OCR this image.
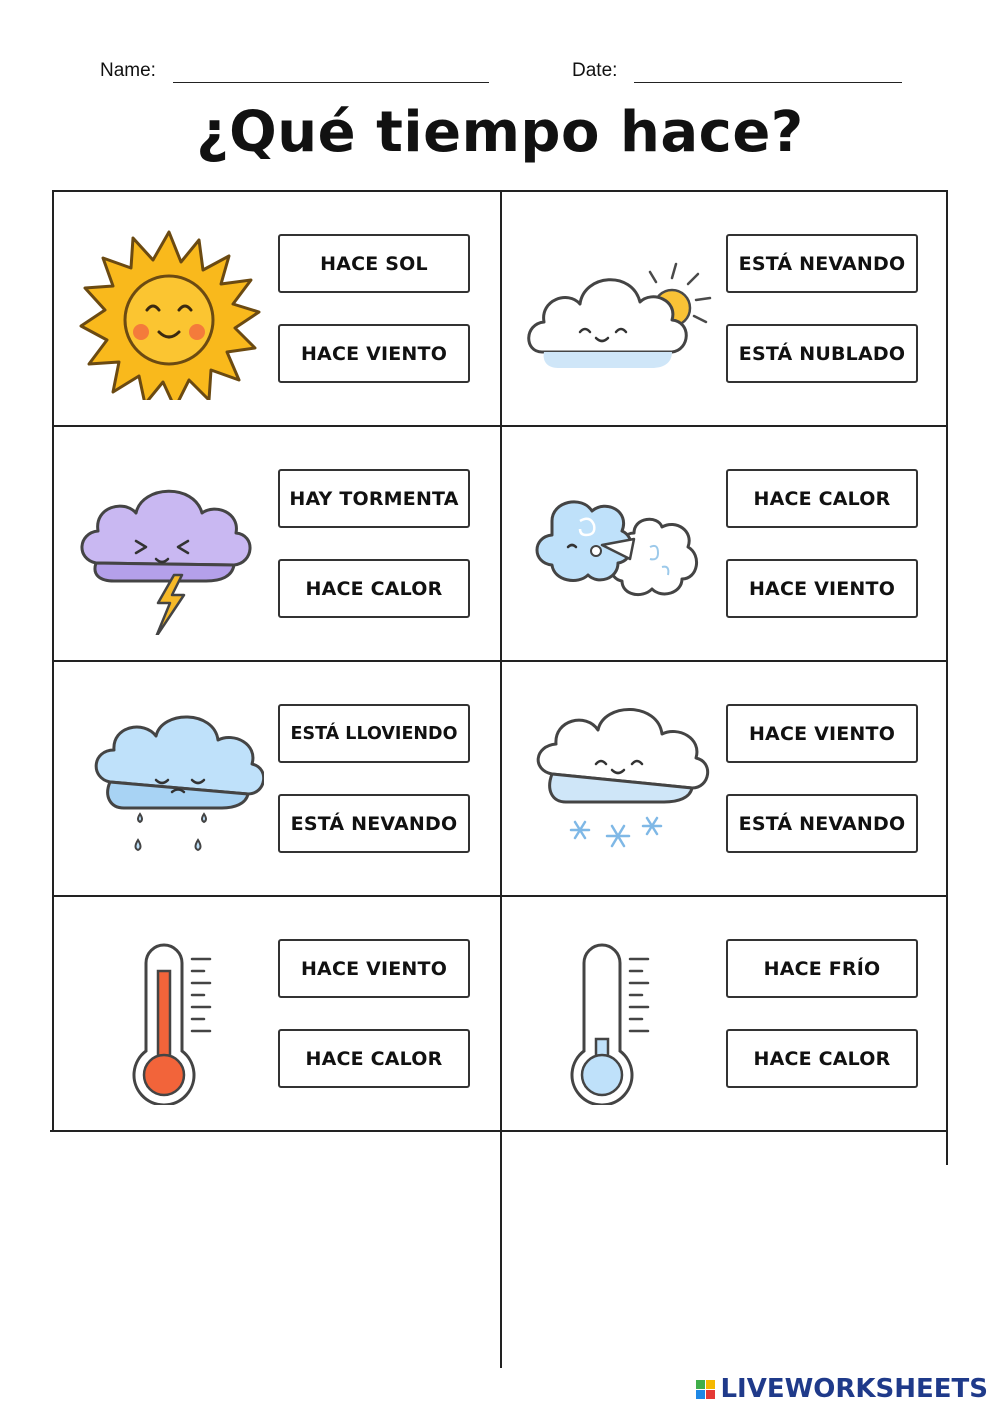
Name:	Date:
¿Qué tiempo hace?
HACE SOL
HACE VIENTO
ESTÁ NEVANDO
ESTÁ NUBLADO
HAY TORMENTA
HACE CALOR
HACE CALOR
HACE VIENTO
ESTÁ LLOVIENDO
ESTÁ NEVANDO
HACE VIENTO
ESTÁ NEVANDO
HACE VIENTO
HACE CALOR
HACE FRÍO
HACE CALOR
LIVEWORKSHEETS
